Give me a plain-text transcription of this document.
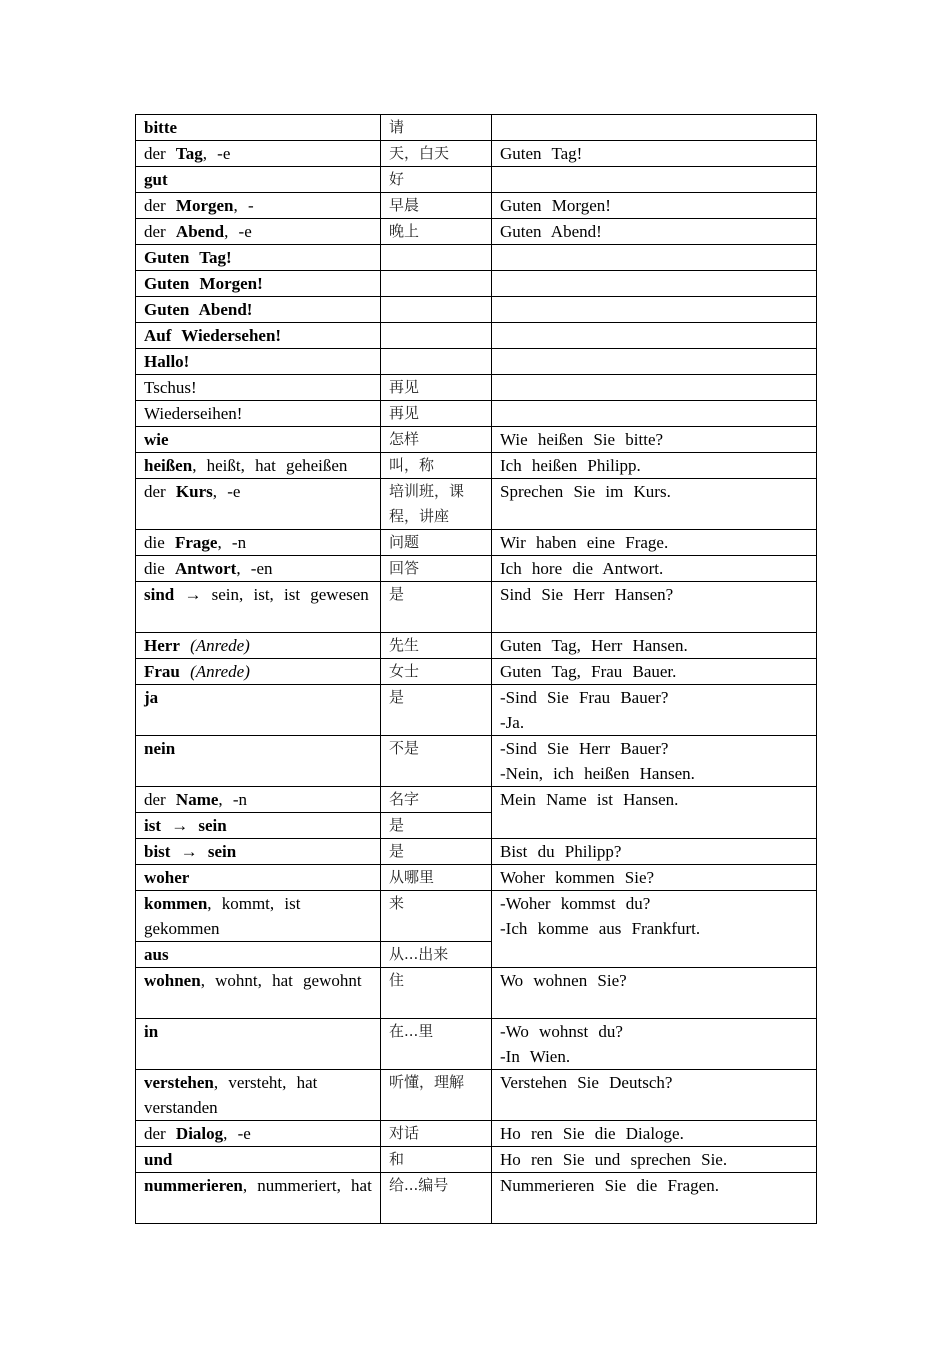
bitte	请	

der Tag, -e	天，白天	Guten Tag!

gut	好	

der Morgen, -	早晨	Guten Morgen!

der Abend, -e	晚上	Guten Abend!

Guten Tag!		

Guten Morgen!		

Guten Abend!		

Auf Wiedersehen!		

Hallo!		

Tschus!	再见	

Wiederseihen!	再见	

wie	怎样	Wie heißen Sie bitte?

heißen, heißt, hat geheißen	叫，称	Ich heißen Philipp.

der Kurs, -e	培训班，课程，讲座	Sprechen Sie im Kurs.

die Frage, -n	问题	Wir haben eine Frage.

die Antwort, -en	回答	Ich hore die Antwort.

sind → sein, ist, ist gewesen	是	Sind Sie Herr Hansen?

Herr (Anrede)	先生	Guten Tag, Herr Hansen.

Frau (Anrede)	女士	Guten Tag, Frau Bauer.

ja	是	-Sind Sie Frau Bauer?
-Ja.

nein	不是	-Sind Sie Herr Bauer?
-Nein, ich heißen Hansen.

der Name, -n	名字	Mein Name ist Hansen.

ist → sein	是	
bist → sein	是	Bist du Philipp?

woher	从哪里	Woher kommen Sie?

kommen, kommt, ist gekommen	来	-Woher kommst du?
-Ich komme aus Frankfurt.

aus	从...出来	
wohnen, wohnt, hat gewohnt	住	Wo wohnen Sie?

in	在...里	-Wo wohnst du?
-In Wien.

verstehen, versteht, hat verstanden	听懂，理解	Verstehen Sie Deutsch?

der Dialog, -e	对话	Ho ren Sie die Dialoge.

und	和	Ho ren Sie und sprechen Sie.

nummerieren, nummeriert, hat	给...编号	Nummerieren Sie die Fragen.
